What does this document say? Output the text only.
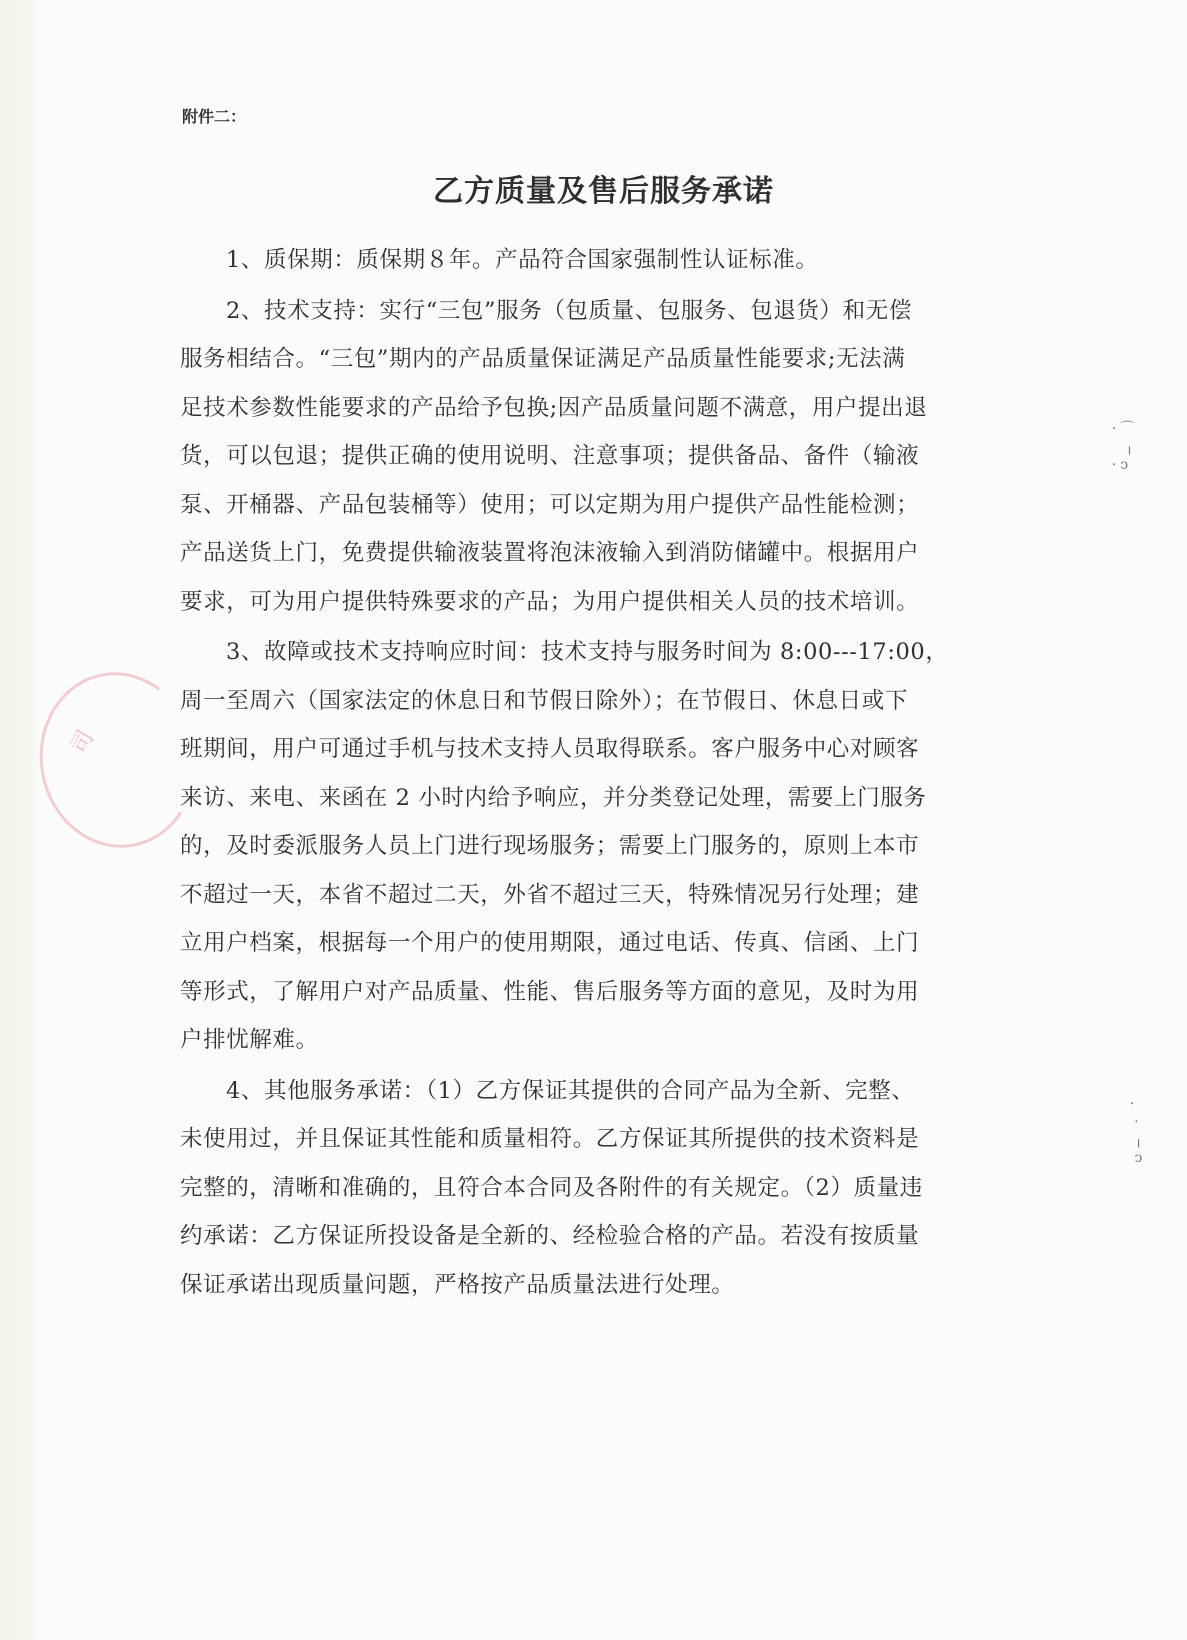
司
附件二：
乙方质量及售后服务承诺
1、质保期：质保期８年。产品符合国家强制性认证标准。
2、技术支持：实行“三包”服务（包质量、包服务、包退货）和无偿
服务相结合。“三包”期内的产品质量保证满足产品质量性能要求;无法满
足技术参数性能要求的产品给予包换;因产品质量问题不满意，用户提出退
货，可以包退；提供正确的使用说明、注意事项；提供备品、备件（输液
泵、开桶器、产品包装桶等）使用；可以定期为用户提供产品性能检测；
产品送货上门，免费提供输液装置将泡沫液输入到消防储罐中。根据用户
要求，可为用户提供特殊要求的产品；为用户提供相关人员的技术培训。
3、故障或技术支持响应时间：技术支持与服务时间为 8:00---17:00，
周一至周六（国家法定的休息日和节假日除外）；在节假日、休息日或下
班期间，用户可通过手机与技术支持人员取得联系。客户服务中心对顾客
来访、来电、来函在 2 小时内给予响应，并分类登记处理，需要上门服务
的，及时委派服务人员上门进行现场服务；需要上门服务的，原则上本市
不超过一天，本省不超过二天，外省不超过三天，特殊情况另行处理；建
立用户档案，根据每一个用户的使用期限，通过电话、传真、信函、上门
等形式，了解用户对产品质量、性能、售后服务等方面的意见，及时为用
户排忧解难。
4、其他服务承诺：（1）乙方保证其提供的合同产品为全新、完整、
未使用过，并且保证其性能和质量相符。乙方保证其所提供的技术资料是
完整的，清晰和准确的，且符合本合同及各附件的有关规定。（2）质量违
约承诺：乙方保证所投设备是全新的、经检验合格的产品。若没有按质量
保证承诺出现质量问题，严格按产品质量法进行处理。
⸱ ⌒
╷
⸱ ↄ
⸱
⸱
╷
ↄ
